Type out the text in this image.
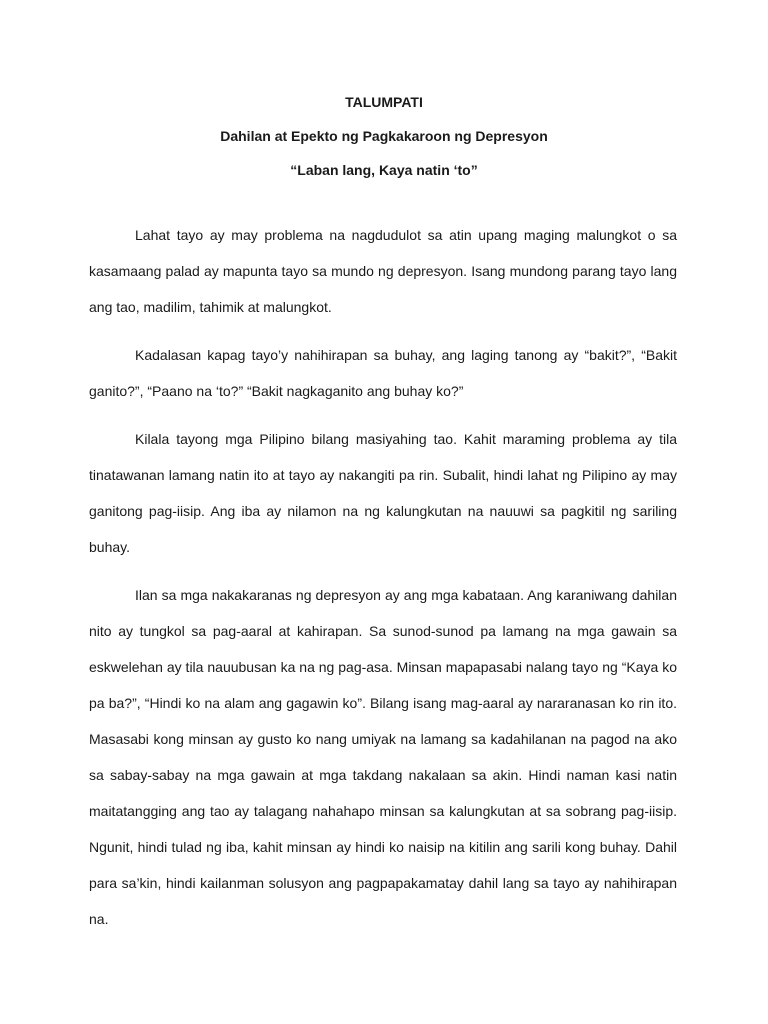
TALUMPATI
Dahilan at Epekto ng Pagkakaroon ng Depresyon
“Laban lang, Kaya natin ‘to”

Lahat tayo ay may problema na nagdudulot sa atin upang maging malungkot o sa kasamaang palad ay mapunta tayo sa mundo ng depresyon. Isang mundong parang tayo lang ang tao, madilim, tahimik at malungkot.

Kadalasan kapag tayo’y nahihirapan sa buhay, ang laging tanong ay “bakit?”, “Bakit ganito?”, “Paano na ‘to?” “Bakit nagkaganito ang buhay ko?”

Kilala tayong mga Pilipino bilang masiyahing tao. Kahit maraming problema ay tila tinatawanan lamang natin ito at tayo ay nakangiti pa rin. Subalit, hindi lahat ng Pilipino ay may ganitong pag-iisip. Ang iba ay nilamon na ng kalungkutan na nauuwi sa pagkitil ng sariling buhay.

Ilan sa mga nakakaranas ng depresyon ay ang mga kabataan. Ang karaniwang dahilan nito ay tungkol sa pag-aaral at kahirapan. Sa sunod-sunod pa lamang na mga gawain sa eskwelehan ay tila nauubusan ka na ng pag-asa. Minsan mapapasabi nalang tayo ng “Kaya ko pa ba?”, “Hindi ko na alam ang gagawin ko”. Bilang isang mag-aaral ay nararanasan ko rin ito. Masasabi kong minsan ay gusto ko nang umiyak na lamang sa kadahilanan na pagod na ako sa sabay-sabay na mga gawain at mga takdang nakalaan sa akin. Hindi naman kasi natin maitatangging ang tao ay talagang nahahapo minsan sa kalungkutan at sa sobrang pag-iisip. Ngunit, hindi tulad ng iba, kahit minsan ay hindi ko naisip na kitilin ang sarili kong buhay. Dahil para sa’kin, hindi kailanman solusyon ang pagpapakamatay dahil lang sa tayo ay nahihirapan na.
